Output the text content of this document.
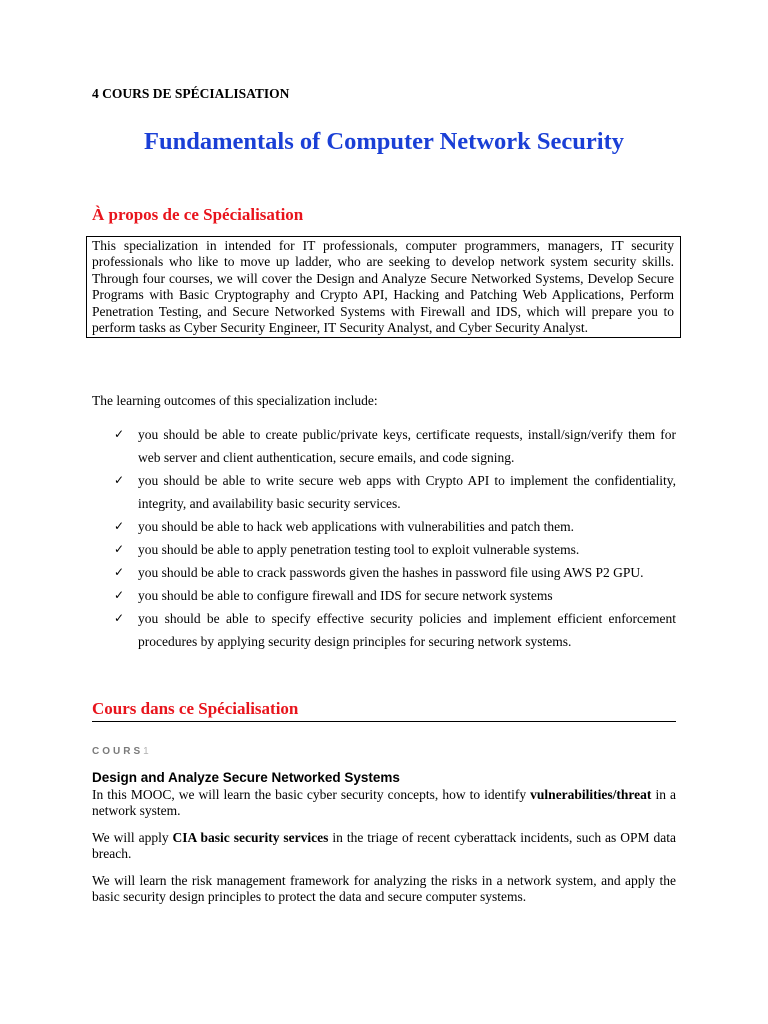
4 COURS DE SPÉCIALISATION
Fundamentals of Computer Network Security
À propos de ce Spécialisation
This specialization in intended for IT professionals, computer programmers, managers, IT security professionals who like to move up ladder, who are seeking to develop network system security skills. Through four courses, we will cover the Design and Analyze Secure Networked Systems, Develop Secure Programs with Basic Cryptography and Crypto API, Hacking and Patching Web Applications, Perform Penetration Testing, and Secure Networked Systems with Firewall and IDS, which will prepare you to perform tasks as Cyber Security Engineer, IT Security Analyst, and Cyber Security Analyst.
The learning outcomes of this specialization include:
✓ you should be able to create public/private keys, certificate requests, install/sign/verify them for web server and client authentication, secure emails, and code signing.
✓ you should be able to write secure web apps with Crypto API to implement the confidentiality, integrity, and availability basic security services.
✓ you should be able to hack web applications with vulnerabilities and patch them.
✓ you should be able to apply penetration testing tool to exploit vulnerable systems.
✓ you should be able to crack passwords given the hashes in password file using AWS P2 GPU.
✓ you should be able to configure firewall and IDS for secure network systems
✓ you should be able to specify effective security policies and implement efficient enforcement procedures by applying security design principles for securing network systems.
Cours dans ce Spécialisation
COURS1
Design and Analyze Secure Networked Systems

In this MOOC, we will learn the basic cyber security concepts, how to identify vulnerabilities/threat in a network system.

We will apply CIA basic security services in the triage of recent cyberattack incidents, such as OPM data breach.

We will learn the risk management framework for analyzing the risks in a network system, and apply the basic security design principles to protect the data and secure computer systems.
